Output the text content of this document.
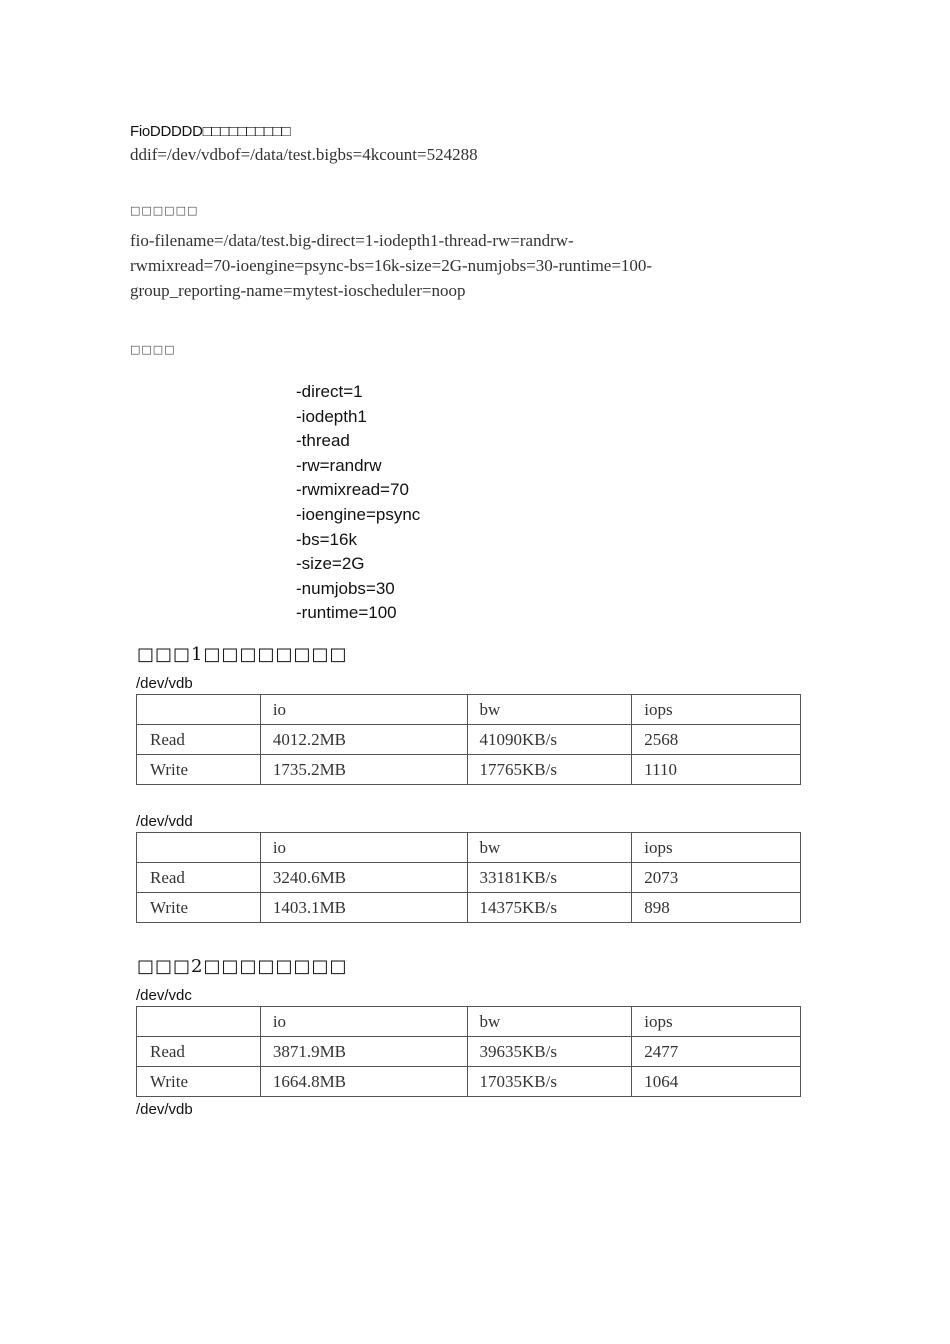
FioDDDDD□□□□□□□□□□
ddif=/dev/vdbof=/data/test.bigbs=4kcount=524288
□□□□□□
fio-filename=/data/test.big-direct=1-iodepth1-thread-rw=randrw-
rwmixread=70-ioengine=psync-bs=16k-size=2G-numjobs=30-runtime=100-
group_reporting-name=mytest-ioscheduler=noop
□□□□
-direct=1
-iodepth1
-thread
-rw=randrw
-rwmixread=70
-ioengine=psync
-bs=16k
-size=2G
-numjobs=30
-runtime=100
□□□1□□□□□□□□
/dev/vdb
	io	bw	iops
Read	4012.2MB	41090KB/s	2568
Write	1735.2MB	17765KB/s	1110
/dev/vdd
	io	bw	iops
Read	3240.6MB	33181KB/s	2073
Write	1403.1MB	14375KB/s	898
□□□2□□□□□□□□
/dev/vdc
	io	bw	iops
Read	3871.9MB	39635KB/s	2477
Write	1664.8MB	17035KB/s	1064
/dev/vdb
